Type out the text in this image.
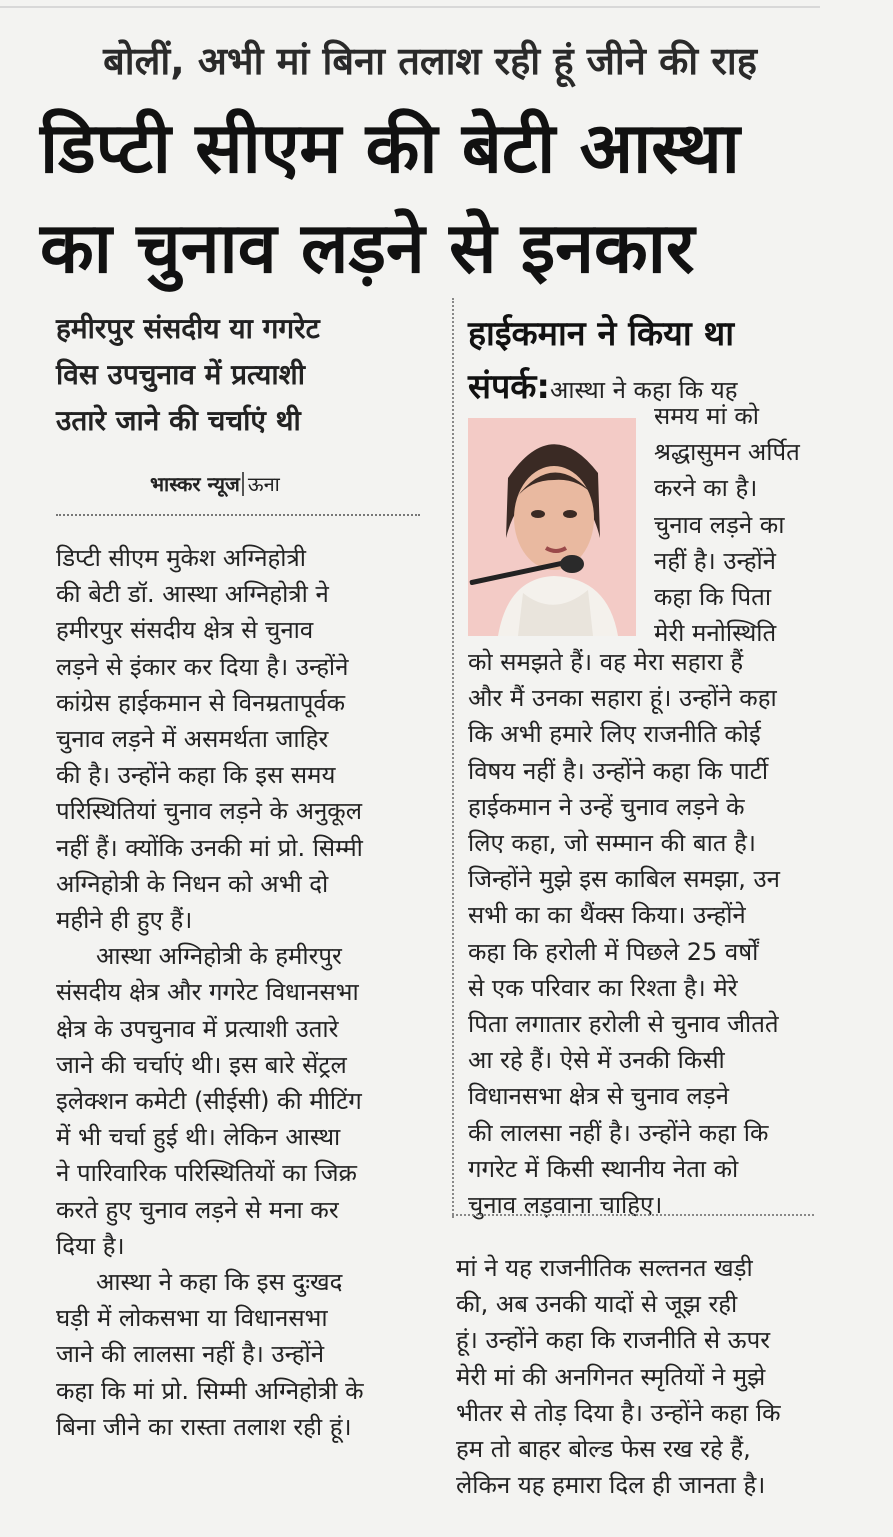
बोलीं, अभी मां बिना तलाश रही हूं जीने की राह
डिप्टी सीएम की बेटी आस्था
का चुनाव लड़ने से इनकार
हमीरपुर संसदीय या गगरेट
विस उपचुनाव में प्रत्याशी
उतारे जाने की चर्चाएं थी
भास्कर न्यूज ऊना
डिप्टी सीएम मुकेश अग्निहोत्री
की बेटी डॉ. आस्था अग्निहोत्री ने
हमीरपुर संसदीय क्षेत्र से चुनाव
लड़ने से इंकार कर दिया है। उन्होंने
कांग्रेस हाईकमान से विनम्रतापूर्वक
चुनाव लड़ने में असमर्थता जाहिर
की है। उन्होंने कहा कि इस समय
परिस्थितियां चुनाव लड़ने के अनुकूल
नहीं हैं। क्योंकि उनकी मां प्रो. सिम्मी
अग्निहोत्री के निधन को अभी दो
महीने ही हुए हैं।
आस्था अग्निहोत्री के हमीरपुर
संसदीय क्षेत्र और गगरेट विधानसभा
क्षेत्र के उपचुनाव में प्रत्याशी उतारे
जाने की चर्चाएं थी। इस बारे सेंट्रल
इलेक्शन कमेटी (सीईसी) की मीटिंग
में भी चर्चा हुई थी। लेकिन आस्था
ने पारिवारिक परिस्थितियों का जिक्र
करते हुए चुनाव लड़ने से मना कर
दिया है।
आस्था ने कहा कि इस दुःखद
घड़ी में लोकसभा या विधानसभा
जाने की लालसा नहीं है। उन्होंने
कहा कि मां प्रो. सिम्मी अग्निहोत्री के
बिना जीने का रास्ता तलाश रही हूं।
हाईकमान ने किया था
संपर्क:आस्था ने कहा कि यह
समय मां को
श्रद्धासुमन अर्पित
करने का है।
चुनाव लड़ने का
नहीं है। उन्होंने
कहा कि पिता
मेरी मनोस्थिति
को समझते हैं। वह मेरा सहारा हैं
और मैं उनका सहारा हूं। उन्होंने कहा
कि अभी हमारे लिए राजनीति कोई
विषय नहीं है। उन्होंने कहा कि पार्टी
हाईकमान ने उन्हें चुनाव लड़ने के
लिए कहा, जो सम्मान की बात है।
जिन्होंने मुझे इस काबिल समझा, उन
सभी का का थैंक्स किया। उन्होंने
कहा कि हरोली में पिछले 25 वर्षों
से एक परिवार का रिश्ता है। मेरे
पिता लगातार हरोली से चुनाव जीतते
आ रहे हैं। ऐसे में उनकी किसी
विधानसभा क्षेत्र से चुनाव लड़ने
की लालसा नहीं है। उन्होंने कहा कि
गगरेट में किसी स्थानीय नेता को
चुनाव लड़वाना चाहिए।
मां ने यह राजनीतिक सल्तनत खड़ी
की, अब उनकी यादों से जूझ रही
हूं। उन्होंने कहा कि राजनीति से ऊपर
मेरी मां की अनगिनत स्मृतियों ने मुझे
भीतर से तोड़ दिया है। उन्होंने कहा कि
हम तो बाहर बोल्ड फेस रख रहे हैं,
लेकिन यह हमारा दिल ही जानता है।
